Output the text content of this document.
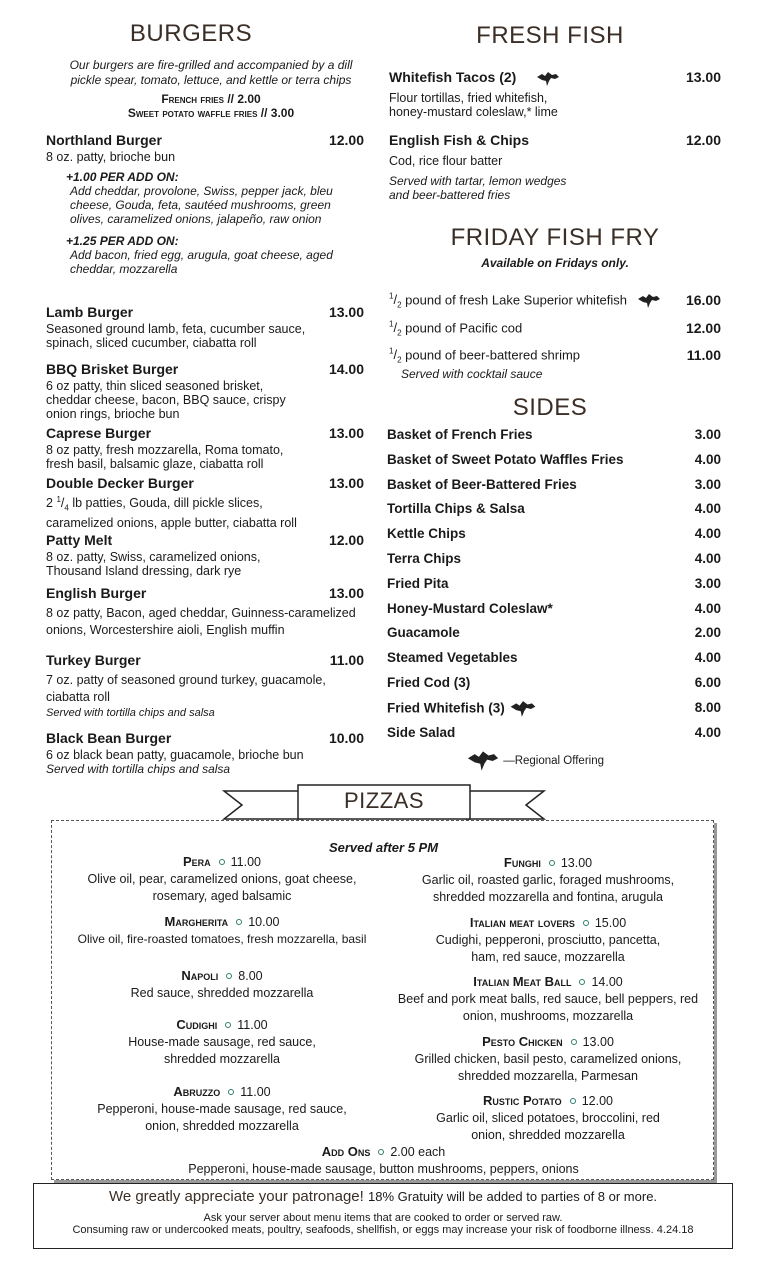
BURGERS
Our burgers are fire-grilled and accompanied by a dill pickle spear, tomato, lettuce, and kettle or terra chips
French fries // 2.00
Sweet potato waffle fries // 3.00
Northland Burger	12.00
8 oz. patty, brioche bun
+1.00 PER ADD ON:
Add cheddar, provolone, Swiss, pepper jack, bleu cheese, Gouda, feta, sautéed mushrooms, green olives, caramelized onions, jalapeño, raw onion
+1.25 PER ADD ON:
Add bacon, fried egg, arugula, goat cheese, aged cheddar, mozzarella
Lamb Burger	13.00
Seasoned ground lamb, feta, cucumber sauce, spinach, sliced cucumber, ciabatta roll
BBQ Brisket Burger	14.00
6 oz patty, thin sliced seasoned brisket, cheddar cheese, bacon, BBQ sauce, crispy onion rings, brioche bun
Caprese Burger	13.00
8 oz patty, fresh mozzarella, Roma tomato, fresh basil, balsamic glaze, ciabatta roll
Double Decker Burger	13.00
2 $^1/_4$ lb patties, Gouda, dill pickle slices, caramelized onions, apple butter, ciabatta roll
Patty Melt	12.00
8 oz. patty, Swiss, caramelized onions, Thousand Island dressing, dark rye
English Burger	13.00
8 oz patty, Bacon, aged cheddar, Guinness-caramelized onions, Worcestershire aioli, English muffin
Turkey Burger	11.00
7 oz. patty of seasoned ground turkey, guacamole, ciabatta roll
Served with tortilla chips and salsa
Black Bean Burger	10.00
6 oz black bean patty, guacamole, brioche bun
Served with tortilla chips and salsa
FRESH FISH
Whitefish Tacos (2)	13.00
Flour tortillas, fried whitefish, honey-mustard coleslaw,* lime
English Fish & Chips	12.00
Cod, rice flour batter
Served with tartar, lemon wedges and beer-battered fries
FRIDAY FISH FRY
Available on Fridays only.
$^1/_2$ pound of fresh Lake Superior whitefish	16.00
$^1/_2$ pound of Pacific cod	12.00
$^1/_2$ pound of beer-battered shrimp	11.00
Served with cocktail sauce
SIDES
Basket of French Fries	3.00
Basket of Sweet Potato Waffles Fries	4.00
Basket of Beer-Battered Fries	3.00
Tortilla Chips & Salsa	4.00
Kettle Chips	4.00
Terra Chips	4.00
Fried Pita	3.00
Honey-Mustard Coleslaw*	4.00
Guacamole	2.00
Steamed Vegetables	4.00
Fried Cod (3)	6.00
Fried Whitefish (3)	8.00
Side Salad	4.00
—Regional Offering
PIZZAS
Served after 5 PM
Pera 11.00
Olive oil, pear, caramelized onions, goat cheese, rosemary, aged balsamic
Margherita 10.00
Olive oil, fire-roasted tomatoes, fresh mozzarella, basil
Napoli 8.00
Red sauce, shredded mozzarella
Cudighi 11.00
House-made sausage, red sauce, shredded mozzarella
Abruzzo 11.00
Pepperoni, house-made sausage, red sauce, onion, shredded mozzarella
Funghi 13.00
Garlic oil, roasted garlic, foraged mushrooms, shredded mozzarella and fontina, arugula
Italian meat lovers 15.00
Cudighi, pepperoni, prosciutto, pancetta, ham, red sauce, mozzarella
Italian Meat Ball 14.00
Beef and pork meat balls, red sauce, bell peppers, red onion, mushrooms, mozzarella
Pesto Chicken 13.00
Grilled chicken, basil pesto, caramelized onions, shredded mozzarella, Parmesan
Rustic Potato 12.00
Garlic oil, sliced potatoes, broccolini, red onion, shredded mozzarella
Add Ons 2.00 each
Pepperoni, house-made sausage, button mushrooms, peppers, onions
We greatly appreciate your patronage! 18% Gratuity will be added to parties of 8 or more.
Ask your server about menu items that are cooked to order or served raw.
Consuming raw or undercooked meats, poultry, seafoods, shellfish, or eggs may increase your risk of foodborne illness. 4.24.18
